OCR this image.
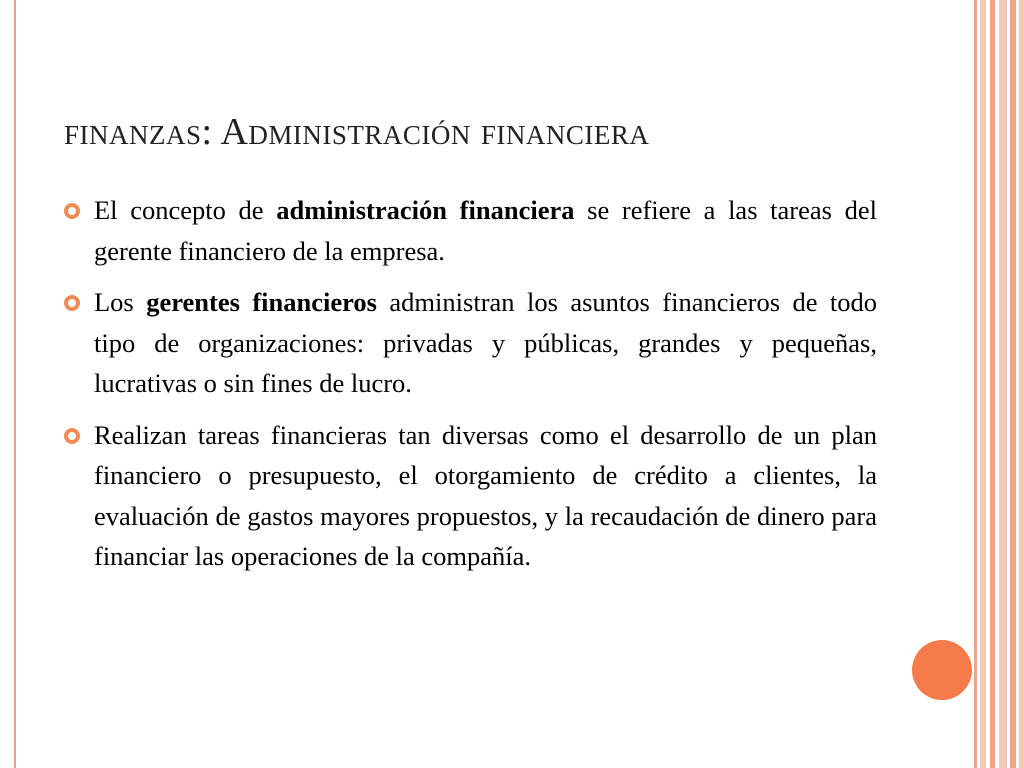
finanzas: Administración financiera

El concepto de administración financiera se refiere a las tareas del gerente financiero de la empresa.

Los gerentes financieros administran los asuntos financieros de todo tipo de organizaciones: privadas y públicas, grandes y pequeñas, lucrativas o sin fines de lucro.

Realizan tareas financieras tan diversas como el desarrollo de un plan financiero o presupuesto, el otorgamiento de crédito a clientes, la evaluación de gastos mayores propuestos, y la recaudación de dinero para financiar las operaciones de la compañía.
